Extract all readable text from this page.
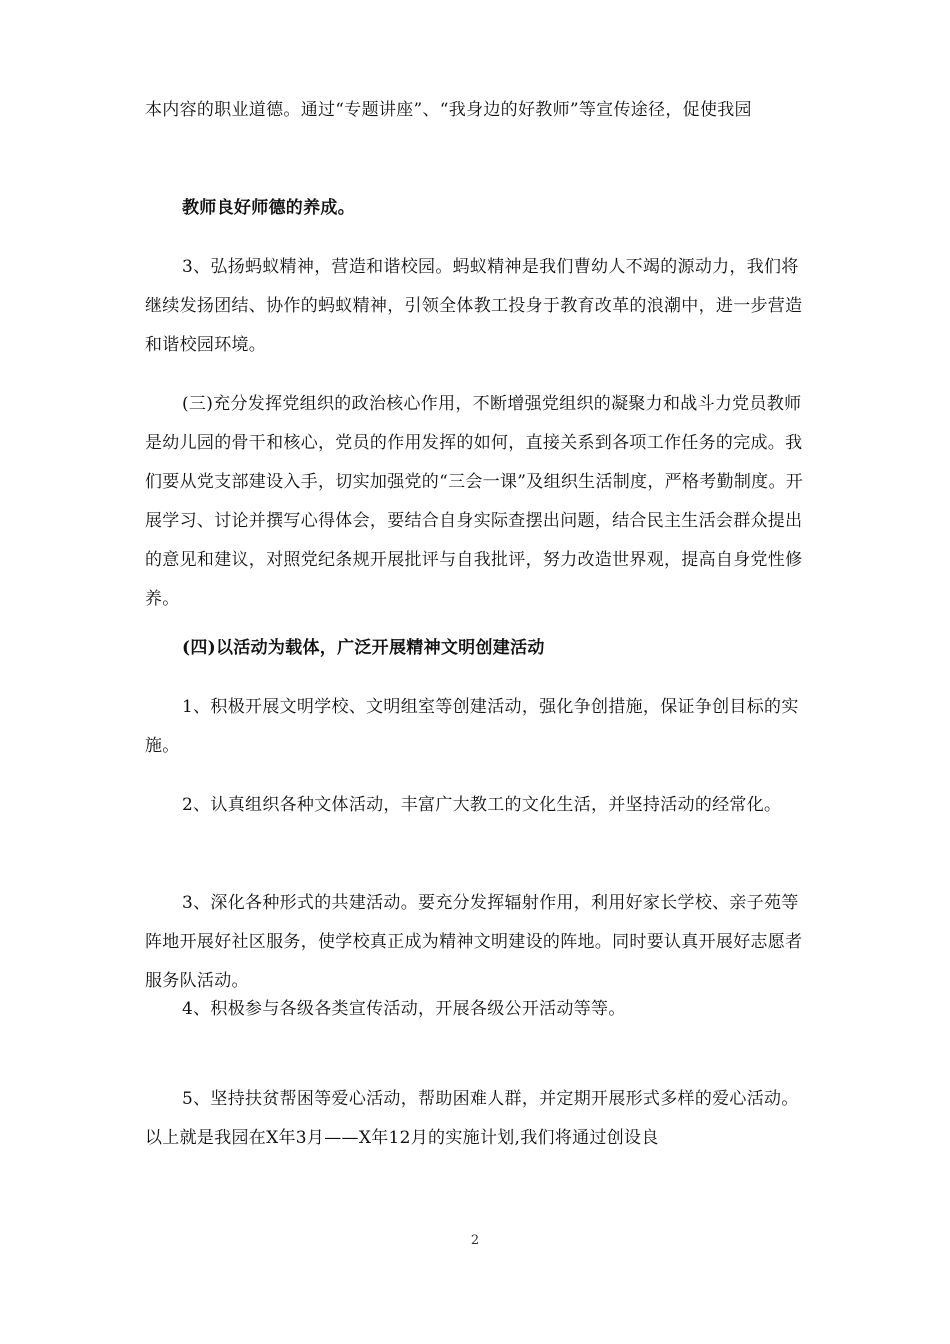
本内容的职业道德。通过“专题讲座”、“我身边的好教师”等宣传途径，促使我园

教师良好师德的养成。

3、弘扬蚂蚁精神，营造和谐校园。蚂蚁精神是我们曹幼人不竭的源动力，我们将继续发扬团结、协作的蚂蚁精神，引领全体教工投身于教育改革的浪潮中，进一步营造和谐校园环境。

(三)充分发挥党组织的政治核心作用，不断增强党组织的凝聚力和战斗力党员教师是幼儿园的骨干和核心，党员的作用发挥的如何，直接关系到各项工作任务的完成。我们要从党支部建设入手，切实加强党的“三会一课”及组织生活制度，严格考勤制度。开展学习、讨论并撰写心得体会，要结合自身实际查摆出问题，结合民主生活会群众提出的意见和建议，对照党纪条规开展批评与自我批评，努力改造世界观，提高自身党性修养。

(四)以活动为载体，广泛开展精神文明创建活动

1、积极开展文明学校、文明组室等创建活动，强化争创措施，保证争创目标的实施。

2、认真组织各种文体活动，丰富广大教工的文化生活，并坚持活动的经常化。

3、深化各种形式的共建活动。要充分发挥辐射作用，利用好家长学校、亲子苑等阵地开展好社区服务，使学校真正成为精神文明建设的阵地。同时要认真开展好志愿者服务队活动。

4、积极参与各级各类宣传活动，开展各级公开活动等等。

5、坚持扶贫帮困等爱心活动，帮助困难人群，并定期开展形式多样的爱心活动。 以上就是我园在X年3月——X年12月的实施计划,我们将通过创设良

2
